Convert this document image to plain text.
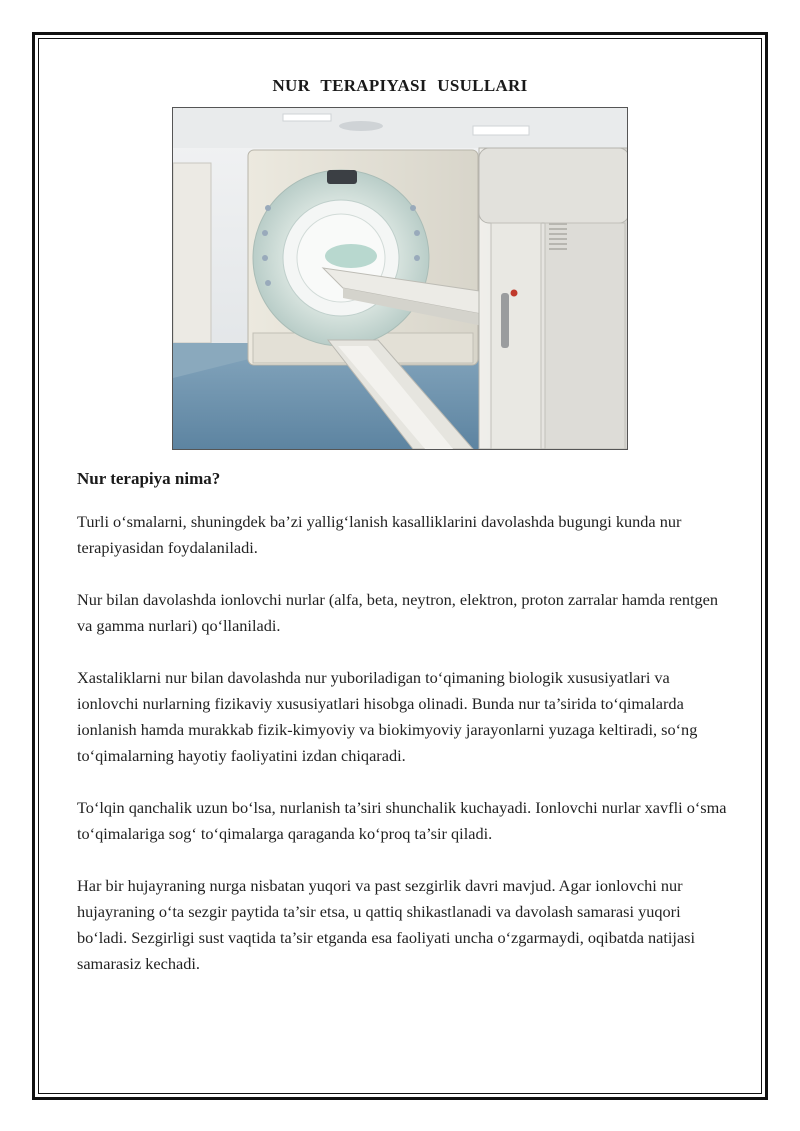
NUR TERAPIYASI USULLARI
Nur terapiya nima?

Turli o‘smalarni, shuningdek ba’zi yallig‘lanish kasalliklarini davolashda bugungi kunda nur terapiyasidan foydalaniladi.

Nur bilan davolashda ionlovchi nurlar (alfa, beta, neytron, elektron, proton zarralar hamda rentgen va gamma nurlari) qo‘llaniladi.

Xastaliklarni nur bilan davolashda nur yuboriladigan to‘qimaning biologik xususiyatlari va ionlovchi nurlarning fizikaviy xususiyatlari hisobga olinadi. Bunda nur ta’sirida to‘qimalarda ionlanish hamda murakkab fizik-kimyoviy va biokimyoviy jarayonlarni yuzaga keltiradi, so‘ng to‘qimalarning hayotiy faoliyatini izdan chiqaradi.

To‘lqin qanchalik uzun bo‘lsa, nurlanish ta’siri shunchalik kuchayadi. Ionlovchi nurlar xavfli o‘sma to‘qimalariga sog‘ to‘qimalarga qaraganda ko‘proq ta’sir qiladi.

Har bir hujayraning nurga nisbatan yuqori va past sezgirlik davri mavjud. Agar ionlovchi nur hujayraning o‘ta sezgir paytida ta’sir etsa, u qattiq shikastlanadi va davolash samarasi yuqori bo‘ladi. Sezgirligi sust vaqtida ta’sir etganda esa faoliyati uncha o‘zgarmaydi, oqibatda natijasi samarasiz kechadi.
